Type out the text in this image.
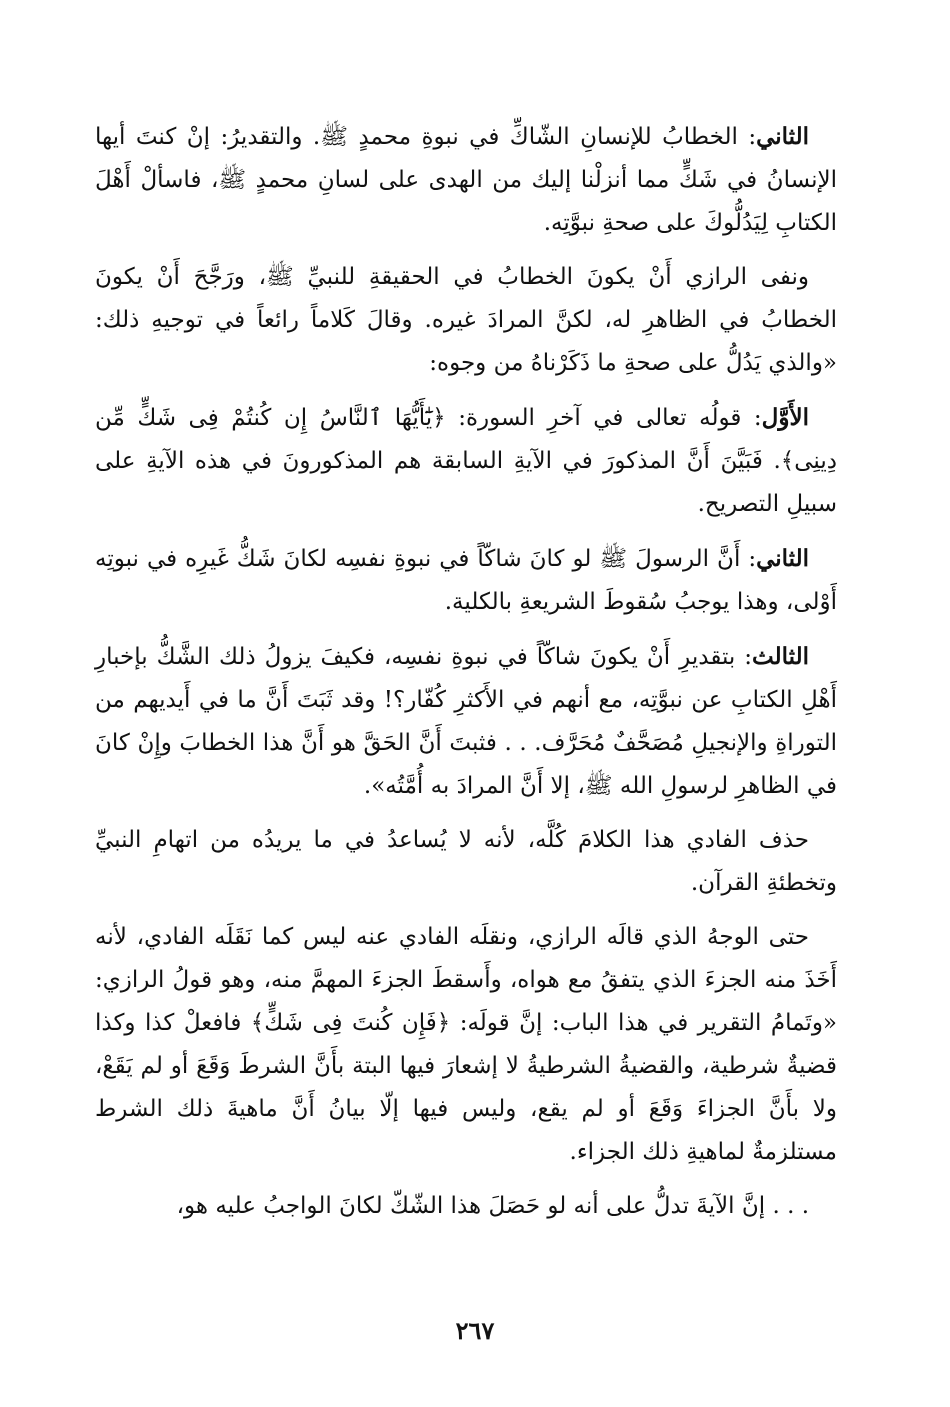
الثاني: الخطابُ للإنسانِ الشّاكِّ في نبوةِ محمدٍ ﷺ. والتقديرُ: إنْ كنتَ أيها الإنسانُ في شَكٍّ مما أنزلْنا إليك من الهدى على لسانِ محمدٍ ﷺ، فاسألْ أَهْلَ الكتابِ لِيَدُلُّوكَ على صحةِ نبوَّتِه.

ونفى الرازي أَنْ يكونَ الخطابُ في الحقيقةِ للنبيِّ ﷺ، ورَجَّحَ أَنْ يكونَ الخطابُ في الظاهرِ له، لكنَّ المرادَ غيره. وقالَ كَلاماً رائعاً في توجيهِ ذلك: «والذي يَدُلُّ على صحةِ ما ذَكَرْناهُ من وجوه:

الأَوَّل: قولُه تعالى في آخرِ السورة: ﴿يَٰٓأَيُّهَا ٱلنَّاسُ إِن كُنتُمْ فِى شَكٍّ مِّن دِينِى﴾. فَبَيَّنَ أَنَّ المذكورَ في الآيةِ السابقة هم المذكورونَ في هذه الآيةِ على سبيلِ التصريح.

الثاني: أَنَّ الرسولَ ﷺ لو كانَ شاكّاً في نبوةِ نفسِه لكانَ شَكُّ غَيرِه في نبوتِه أَوْلى، وهذا يوجبُ سُقوطَ الشريعةِ بالكلية.

الثالث: بتقديرِ أَنْ يكونَ شاكّاً في نبوةِ نفسِه، فكيفَ يزولُ ذلك الشَّكُّ بإخبارِ أَهْلِ الكتابِ عن نبوَّتِه، مع أنهم في الأَكثرِ كُفّار؟! وقد ثَبَتَ أَنَّ ما في أَيديهم من التوراةِ والإنجيلِ مُصَحَّفٌ مُحَرَّف. . . فثبتَ أَنَّ الحَقَّ هو أَنَّ هذا الخطابَ وإِنْ كانَ في الظاهرِ لرسولِ الله ﷺ، إلا أَنَّ المرادَ به أُمَّتُه».

حذف الفادي هذا الكلامَ كُلَّه، لأنه لا يُساعدُ في ما يريدُه من اتهامِ النبيِّ وتخطئةِ القرآن.

حتى الوجهُ الذي قالَه الرازي، ونقلَه الفادي عنه ليس كما نَقَلَه الفادي، لأنه أَخَذَ منه الجزءَ الذي يتفقُ مع هواه، وأَسقطَ الجزءَ المهمَّ منه، وهو قولُ الرازي: «وتَمامُ التقرير في هذا الباب: إنَّ قولَه: ﴿فَإِن كُنتَ فِى شَكٍّ﴾ فافعلْ كذا وكذا قضيةٌ شرطية، والقضيةُ الشرطيةُ لا إشعارَ فيها البتة بأَنَّ الشرطَ وَقَعَ أو لم يَقَعْ، ولا بأَنَّ الجزاءَ وَقَعَ أو لم يقع، وليس فيها إلّا بيانُ أَنَّ ماهيةَ ذلك الشرط مستلزمةٌ لماهيةِ ذلك الجزاء.

. . . إنَّ الآيةَ تدلُّ على أنه لو حَصَلَ هذا الشّكّ لكانَ الواجبُ عليه هو،

٢٦٧
